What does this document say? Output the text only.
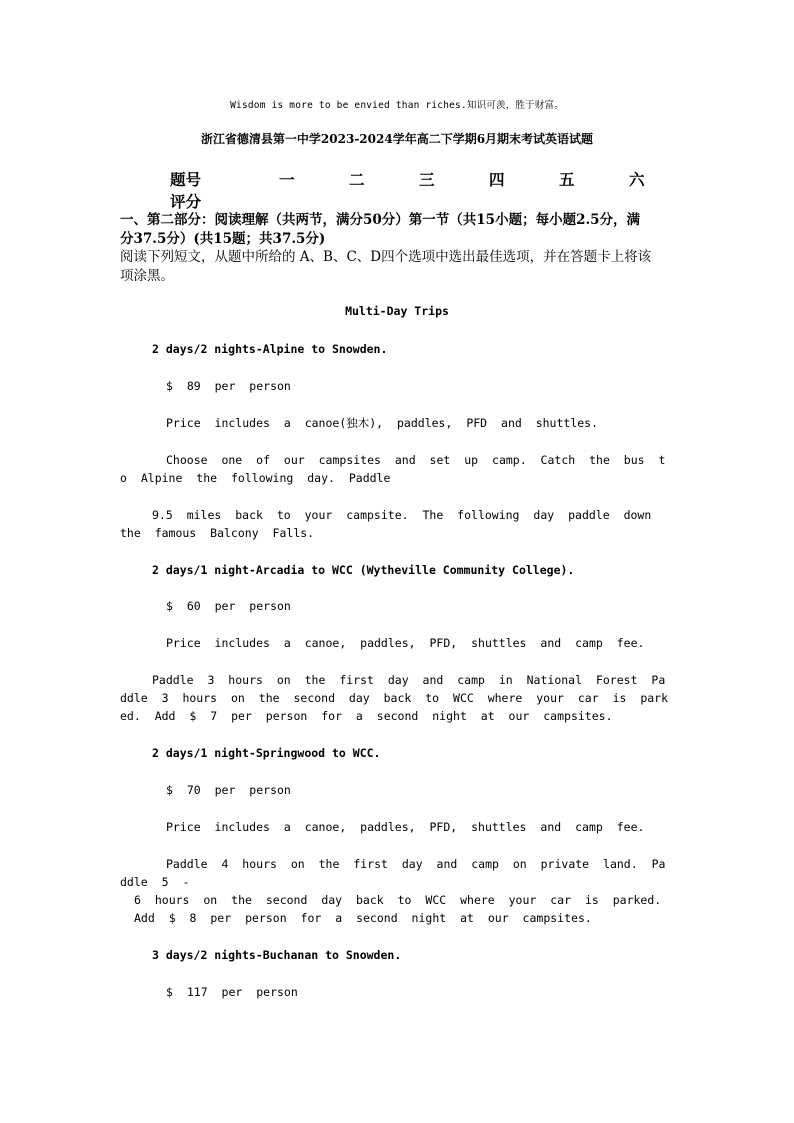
Wisdom is more to be envied than riches.知识可羡，胜于财富。
浙江省德清县第一中学2023-2024学年高二下学期6月期末考试英语试题
题号	一	二	三	四	五	六
评分
一、第二部分：阅读理解（共两节，满分50分）第一节（共15小题；每小题2.5分，满
分37.5分）(共15题；共37.5分)
阅读下列短文，从题中所给的 A、B、C、D四个选项中选出最佳选项，并在答题卡上将该
项涂黑。
Multi-Day Trips
2 days/2 nights-Alpine to Snowden.
$ 89 per person
Price includes a canoe(独木), paddles, PFD and shuttles.
Choose one of our campsites and set up camp. Catch the bus t
o Alpine the following day. Paddle
9.5 miles back to your campsite. The following day paddle down
the famous Balcony Falls.
2 days/1 night-Arcadia to WCC (Wytheville Community College).
$ 60 per person
Price includes a canoe, paddles, PFD, shuttles and camp fee.
Paddle 3 hours on the first day and camp in National Forest Pa
ddle 3 hours on the second day back to WCC where your car is park
ed. Add $ 7 per person for a second night at our campsites.
2 days/1 night-Springwood to WCC.
$ 70 per person
Price includes a canoe, paddles, PFD, shuttles and camp fee.
Paddle 4 hours on the first day and camp on private land. Pa
ddle 5 -
6 hours on the second day back to WCC where your car is parked.
Add $ 8 per person for a second night at our campsites.
3 days/2 nights-Buchanan to Snowden.
$ 117 per person
